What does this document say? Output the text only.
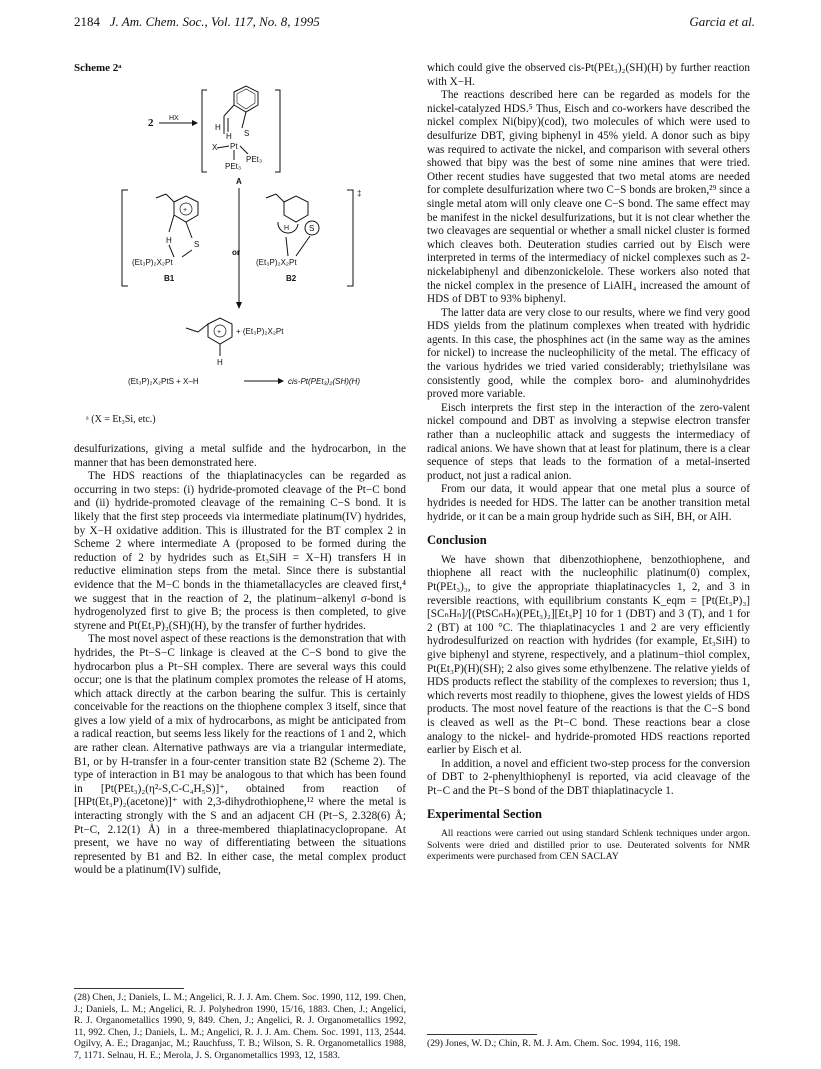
2184 J. Am. Chem. Soc., Vol. 117, No. 8, 1995	Garcia et al.
Scheme 2ᵃ
2 HX
H
S
H
Pt
X
PEt₃
PEt₃
A
or
‡
+
H	S
(Et₃P)₂X₂Pt
B1
H S
(Et₃P)₂X₂Pt
B2
+
H
+ (Et₃P)₂X₂Pt
(Et₃P)₂X₂PtS + X–H	cis-Pt(PEt₃)₂(SH)(H)
ᵃ (X = Et₃Si, etc.)

desulfurizations, giving a metal sulfide and the hydrocarbon, in the manner that has been demonstrated here.

The HDS reactions of the thiaplatinacycles can be regarded as occurring in two steps: (i) hydride-promoted cleavage of the Pt−C bond and (ii) hydride-promoted cleavage of the remaining C−S bond. It is likely that the first step proceeds via intermediate platinum(IV) hydrides, by X−H oxidative addition. This is illustrated for the BT complex 2 in Scheme 2 where intermediate A (proposed to be formed during the reduction of 2 by hydrides such as Et₃SiH = X−H) transfers H in reductive elimination steps from the metal. Since there is substantial evidence that the M−C bonds in the thiametallacycles are cleaved first,⁴ we suggest that in the reaction of 2, the platinum−alkenyl σ-bond is hydrogenolyzed first to give B; the process is then completed, to give styrene and Pt(Et₃P)₂(SH)(H), by the transfer of further hydrides.

The most novel aspect of these reactions is the demonstration that with hydrides, the Pt−S−C linkage is cleaved at the C−S bond to give the hydrocarbon plus a Pt−SH complex. There are several ways this could occur; one is that the platinum complex promotes the release of H atoms, which attack directly at the carbon bearing the sulfur. This is certainly conceivable for the reactions on the thiophene complex 3 itself, since that gives a low yield of a mix of hydrocarbons, as might be anticipated from a radical reaction, but seems less likely for the reactions of 1 and 2, which are rather clean. Alternative pathways are via a triangular intermediate, B1, or by H-transfer in a four-center transition state B2 (Scheme 2). The type of interaction in B1 may be analogous to that which has been found in [Pt(PEt₃)₂(η²-S,C-C₄H₅S)]⁺, obtained from reaction of [HPt(Et₃P)₂(acetone)]⁺ with 2,3-dihydrothiophene,¹² where the metal is interacting strongly with the S and an adjacent CH (Pt−S, 2.328(6) Å; Pt−C, 2.12(1) Å) in a three-membered thiaplatinacyclopropane. At present, we have no way of differentiating between the situations represented by B1 and B2. In either case, the metal complex product would be a platinum(IV) sulfide,

(28) Chen, J.; Daniels, L. M.; Angelici, R. J. J. Am. Chem. Soc. 1990, 112, 199. Chen, J.; Daniels, L. M.; Angelici, R. J. Polyhedron 1990, 15/16, 1883. Chen, J.; Angelici, R. J. Organometallics 1990, 9, 849. Chen, J.; Angelici, R. J. Organometallics 1992, 11, 992. Chen, J.; Daniels, L. M.; Angelici, R. J. J. Am. Chem. Soc. 1991, 113, 2544. Ogilvy, A. E.; Draganjac, M.; Rauchfuss, T. B.; Wilson, S. R. Organometallics 1988, 7, 1171. Selnau, H. E.; Merola, J. S. Organometallics 1993, 12, 1583.

which could give the observed cis-Pt(PEt₃)₂(SH)(H) by further reaction with X−H.

The reactions described here can be regarded as models for the nickel-catalyzed HDS.⁵ Thus, Eisch and co-workers have described the nickel complex Ni(bipy)(cod), two molecules of which were used to desulfurize DBT, giving biphenyl in 45% yield. A donor such as bipy was required to activate the nickel, and comparison with several others showed that bipy was the best of some nine amines that were tried. Other recent studies have suggested that two metal atoms are needed for complete desulfurization where two C−S bonds are broken,²⁹ since a single metal atom will only cleave one C−S bond. The same effect may be manifest in the nickel desulfurizations, but it is not clear whether the two cleavages are sequential or whether a small nickel cluster is formed which cleaves both. Deuteration studies carried out by Eisch were interpreted in terms of the intermediacy of nickel complexes such as 2-nickelabiphenyl and dibenzonickelole. These workers also noted that the nickel complex in the presence of LiAlH₄ increased the amount of HDS of DBT to 93% biphenyl.

The latter data are very close to our results, where we find very good HDS yields from the platinum complexes when treated with hydridic agents. In this case, the phosphines act (in the same way as the amines for nickel) to increase the nucleophilicity of the metal. The efficacy of the various hydrides we tried varied considerably; triethylsilane was consistently good, while the complex boro- and aluminohydrides proved more variable.

Eisch interprets the first step in the interaction of the zero-valent nickel compound and DBT as involving a stepwise electron transfer rather than a nucleophilic attack and suggests the intermediacy of radical anions. We have shown that at least for platinum, there is a clear sequence of steps that leads to the formation of a metal-inserted product, not just a radical anion.

From our data, it would appear that one metal plus a source of hydrides is needed for HDS. The latter can be another transition metal hydride, or it can be a main group hydride such as SiH, BH, or AlH.

Conclusion

We have shown that dibenzothiophene, benzothiophene, and thiophene all react with the nucleophilic platinum(0) complex, Pt(PEt₃)₃, to give the appropriate thiaplatinacycles 1, 2, and 3 in reversible reactions, with equilibrium constants K_eqm = [Pt(Et₃P)₃][SCₙHₙ]/[(PtSCₙHₙ)(PEt₃)₂][Et₃P] 10 for 1 (DBT) and 3 (T), and 1 for 2 (BT) at 100 °C. The thiaplatinacycles 1 and 2 are very efficiently hydrodesulfurized on reaction with hydrides (for example, Et₃SiH) to give biphenyl and styrene, respectively, and a platinum−thiol complex, Pt(Et₃P)(H)(SH); 2 also gives some ethylbenzene. The relative yields of HDS products reflect the stability of the complexes to reversion; thus 1, which reverts most readily to thiophene, gives the lowest yields of HDS products. The most novel feature of the reactions is that the C−S bond is cleaved as well as the Pt−C bond. These reactions bear a close analogy to the nickel- and hydride-promoted HDS reactions reported earlier by Eisch et al.

In addition, a novel and efficient two-step process for the conversion of DBT to 2-phenylthiophenyl is reported, via acid cleavage of the Pt−C and the Pt−S bond of the DBT thiaplatinacycle 1.

Experimental Section

All reactions were carried out using standard Schlenk techniques under argon. Solvents were dried and distilled prior to use. Deuterated solvents for NMR experiments were purchased from CEN SACLAY

(29) Jones, W. D.; Chin, R. M. J. Am. Chem. Soc. 1994, 116, 198.
